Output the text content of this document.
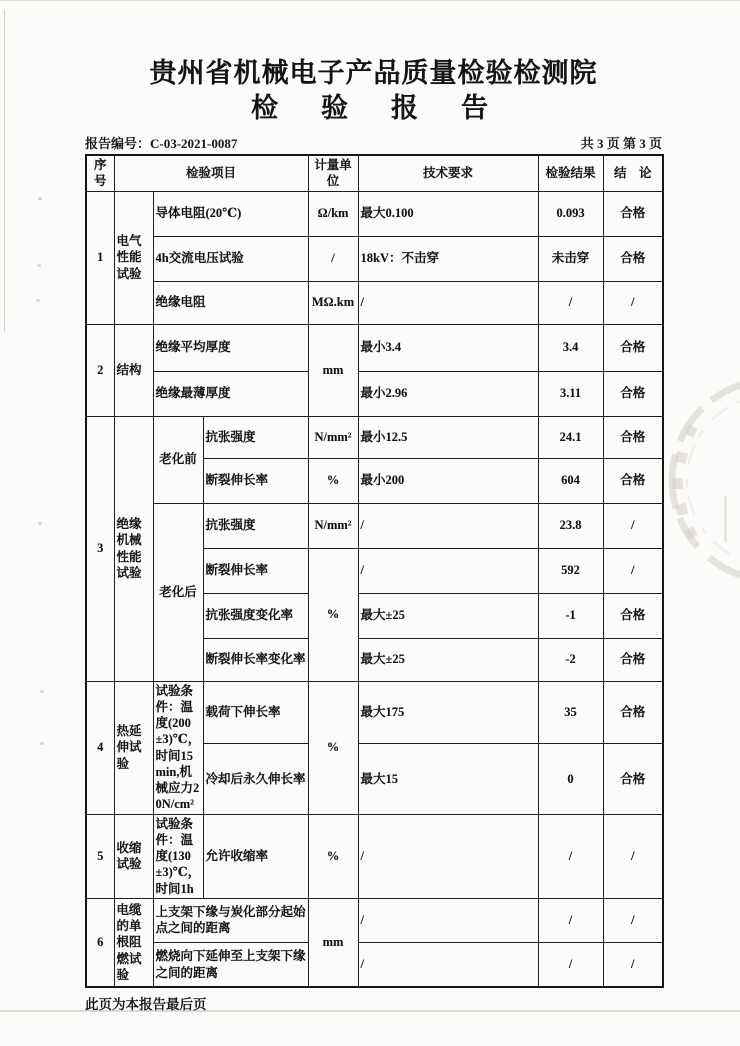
贵州省机械电子产品质量检验检测院
检　验　报　告
报告编号：C-03-2021-0087	共 3 页 第 3 页
序号	检验项目			计量单位	技术要求	检验结果	结　论
1	电气性能试验	导体电阻(20℃)		Ω/km	最大0.100	0.093	合格
		4h交流电压试验		/	18kV：不击穿	未击穿	合格
		绝缘电阻		MΩ.km	/	/	/
2	结构	绝缘平均厚度		mm	最小3.4	3.4	合格
		绝缘最薄厚度			最小2.96	3.11	合格
3	绝缘机械性能试验	老化前	抗张强度	N/mm²	最小12.5	24.1	合格
			断裂伸长率	%	最小200	604	合格
		老化后	抗张强度	N/mm²	/	23.8	/
			断裂伸长率	%	/	592	/
			抗张强度变化率		最大±25	-1	合格
			断裂伸长率变化率		最大±25	-2	合格
4	热延伸试验	试验条件：温度(200±3)℃，时间15min,机械应力20N/cm²	载荷下伸长率	%	最大175	35	合格
			冷却后永久伸长率		最大15	0	合格
5	收缩试验	试验条件：温度(130±3)℃，时间1h	允许收缩率	%	/	/	/
6	电缆的单根阻燃试验	上支架下缘与炭化部分起始点之间的距离		mm	/	/	/
		燃烧向下延伸至上支架下缘之间的距离			/	/	/
此页为本报告最后页
